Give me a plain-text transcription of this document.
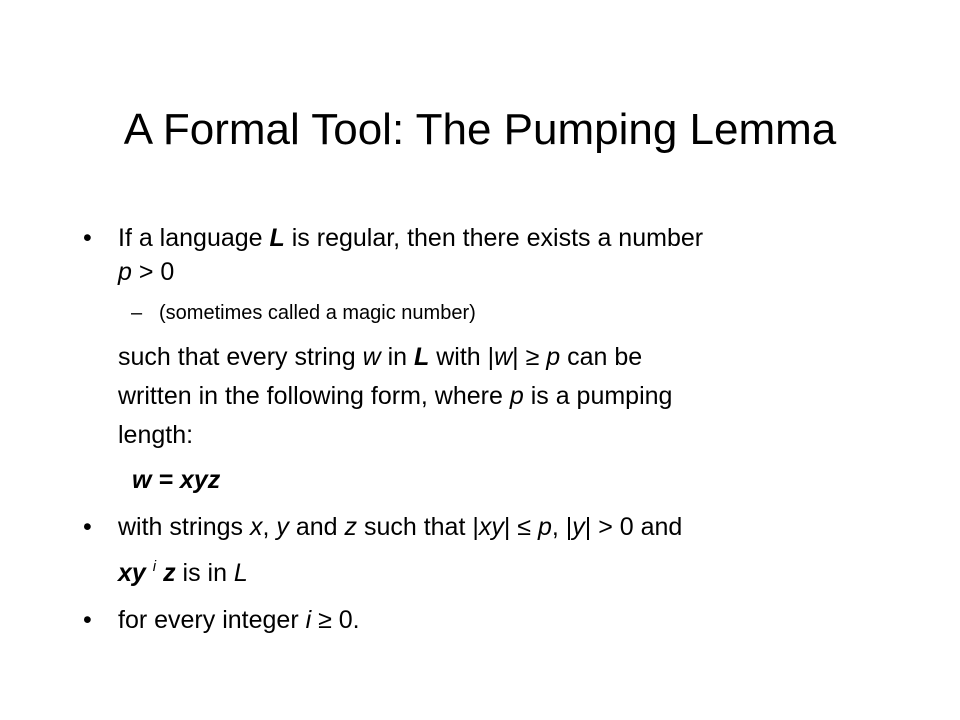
A Formal Tool: The Pumping Lemma
• If a language L is regular, then there exists a number
p > 0
– (sometimes called a magic number)
such that every string w in L with |w| ≥ p can be
written in the following form, where p is a pumping
length:
w = xyz
• with strings x, y and z such that |xy| ≤ p, |y| > 0 and
xy $^i$ z is in L
• for every integer i ≥ 0.
